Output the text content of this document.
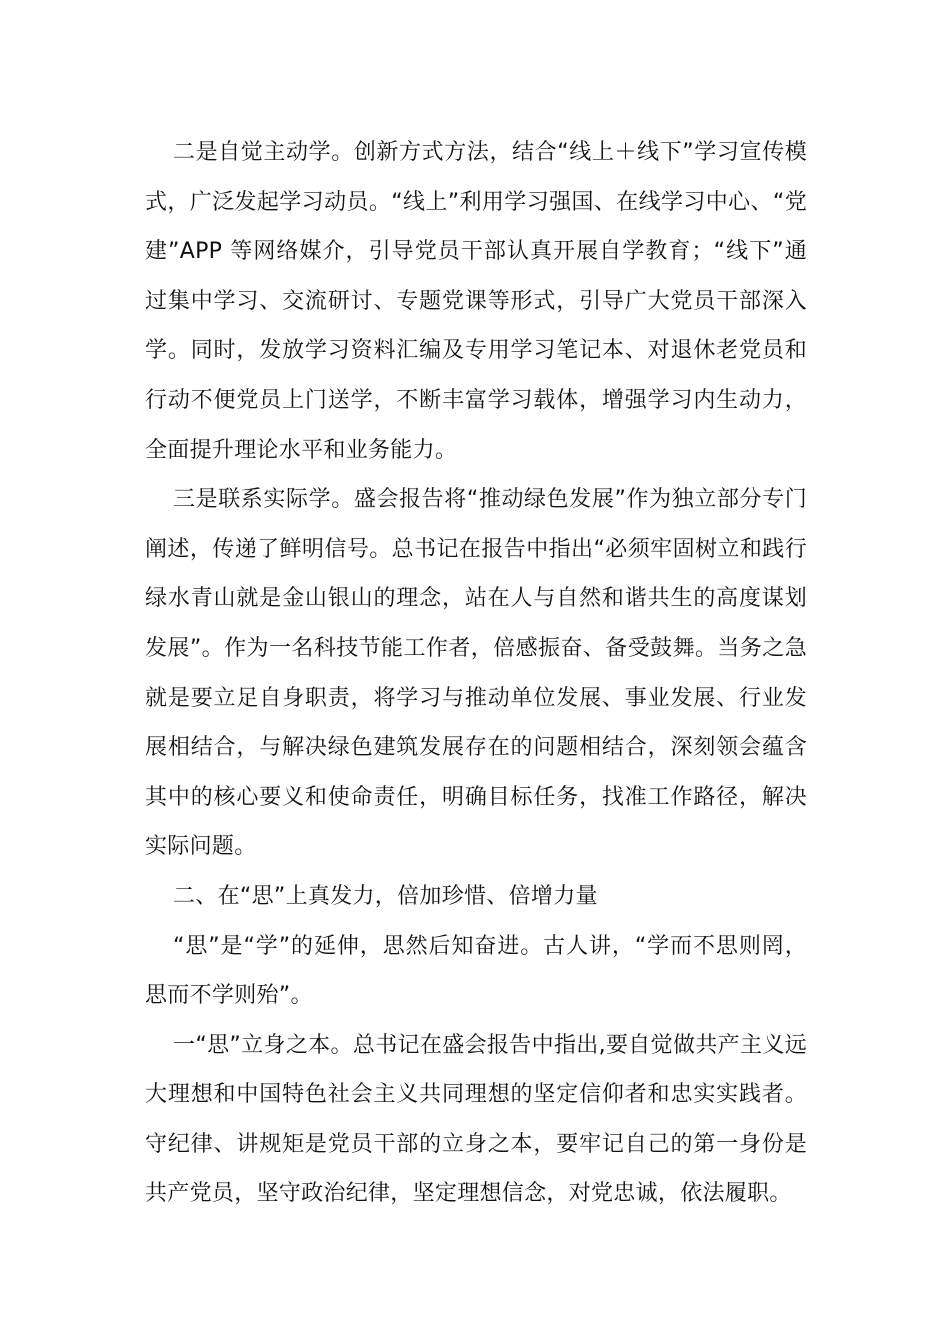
二是自觉主动学。创新方式方法，结合“线上＋线下”学习宣传模式，广泛发起学习动员。“线上”利用学习强国、在线学习中心、“党建”APP 等网络媒介，引导党员干部认真开展自学教育；“线下”通过集中学习、交流研讨、专题党课等形式，引导广大党员干部深入学。同时，发放学习资料汇编及专用学习笔记本、对退休老党员和行动不便党员上门送学，不断丰富学习载体，增强学习内生动力，全面提升理论水平和业务能力。

三是联系实际学。盛会报告将“推动绿色发展”作为独立部分专门阐述，传递了鲜明信号。总书记在报告中指出“必须牢固树立和践行绿水青山就是金山银山的理念，站在人与自然和谐共生的高度谋划发展”。作为一名科技节能工作者，倍感振奋、备受鼓舞。当务之急就是要立足自身职责，将学习与推动单位发展、事业发展、行业发展相结合，与解决绿色建筑发展存在的问题相结合，深刻领会蕴含其中的核心要义和使命责任，明确目标任务，找准工作路径，解决实际问题。

二、在“思”上真发力，倍加珍惜、倍增力量

“思”是“学”的延伸，思然后知奋进。古人讲，“学而不思则罔，思而不学则殆”。

一“思”立身之本。总书记在盛会报告中指出,要自觉做共产主义远大理想和中国特色社会主义共同理想的坚定信仰者和忠实实践者。守纪律、讲规矩是党员干部的立身之本，要牢记自己的第一身份是共产党员，坚守政治纪律，坚定理想信念，对党忠诚，依法履职。
